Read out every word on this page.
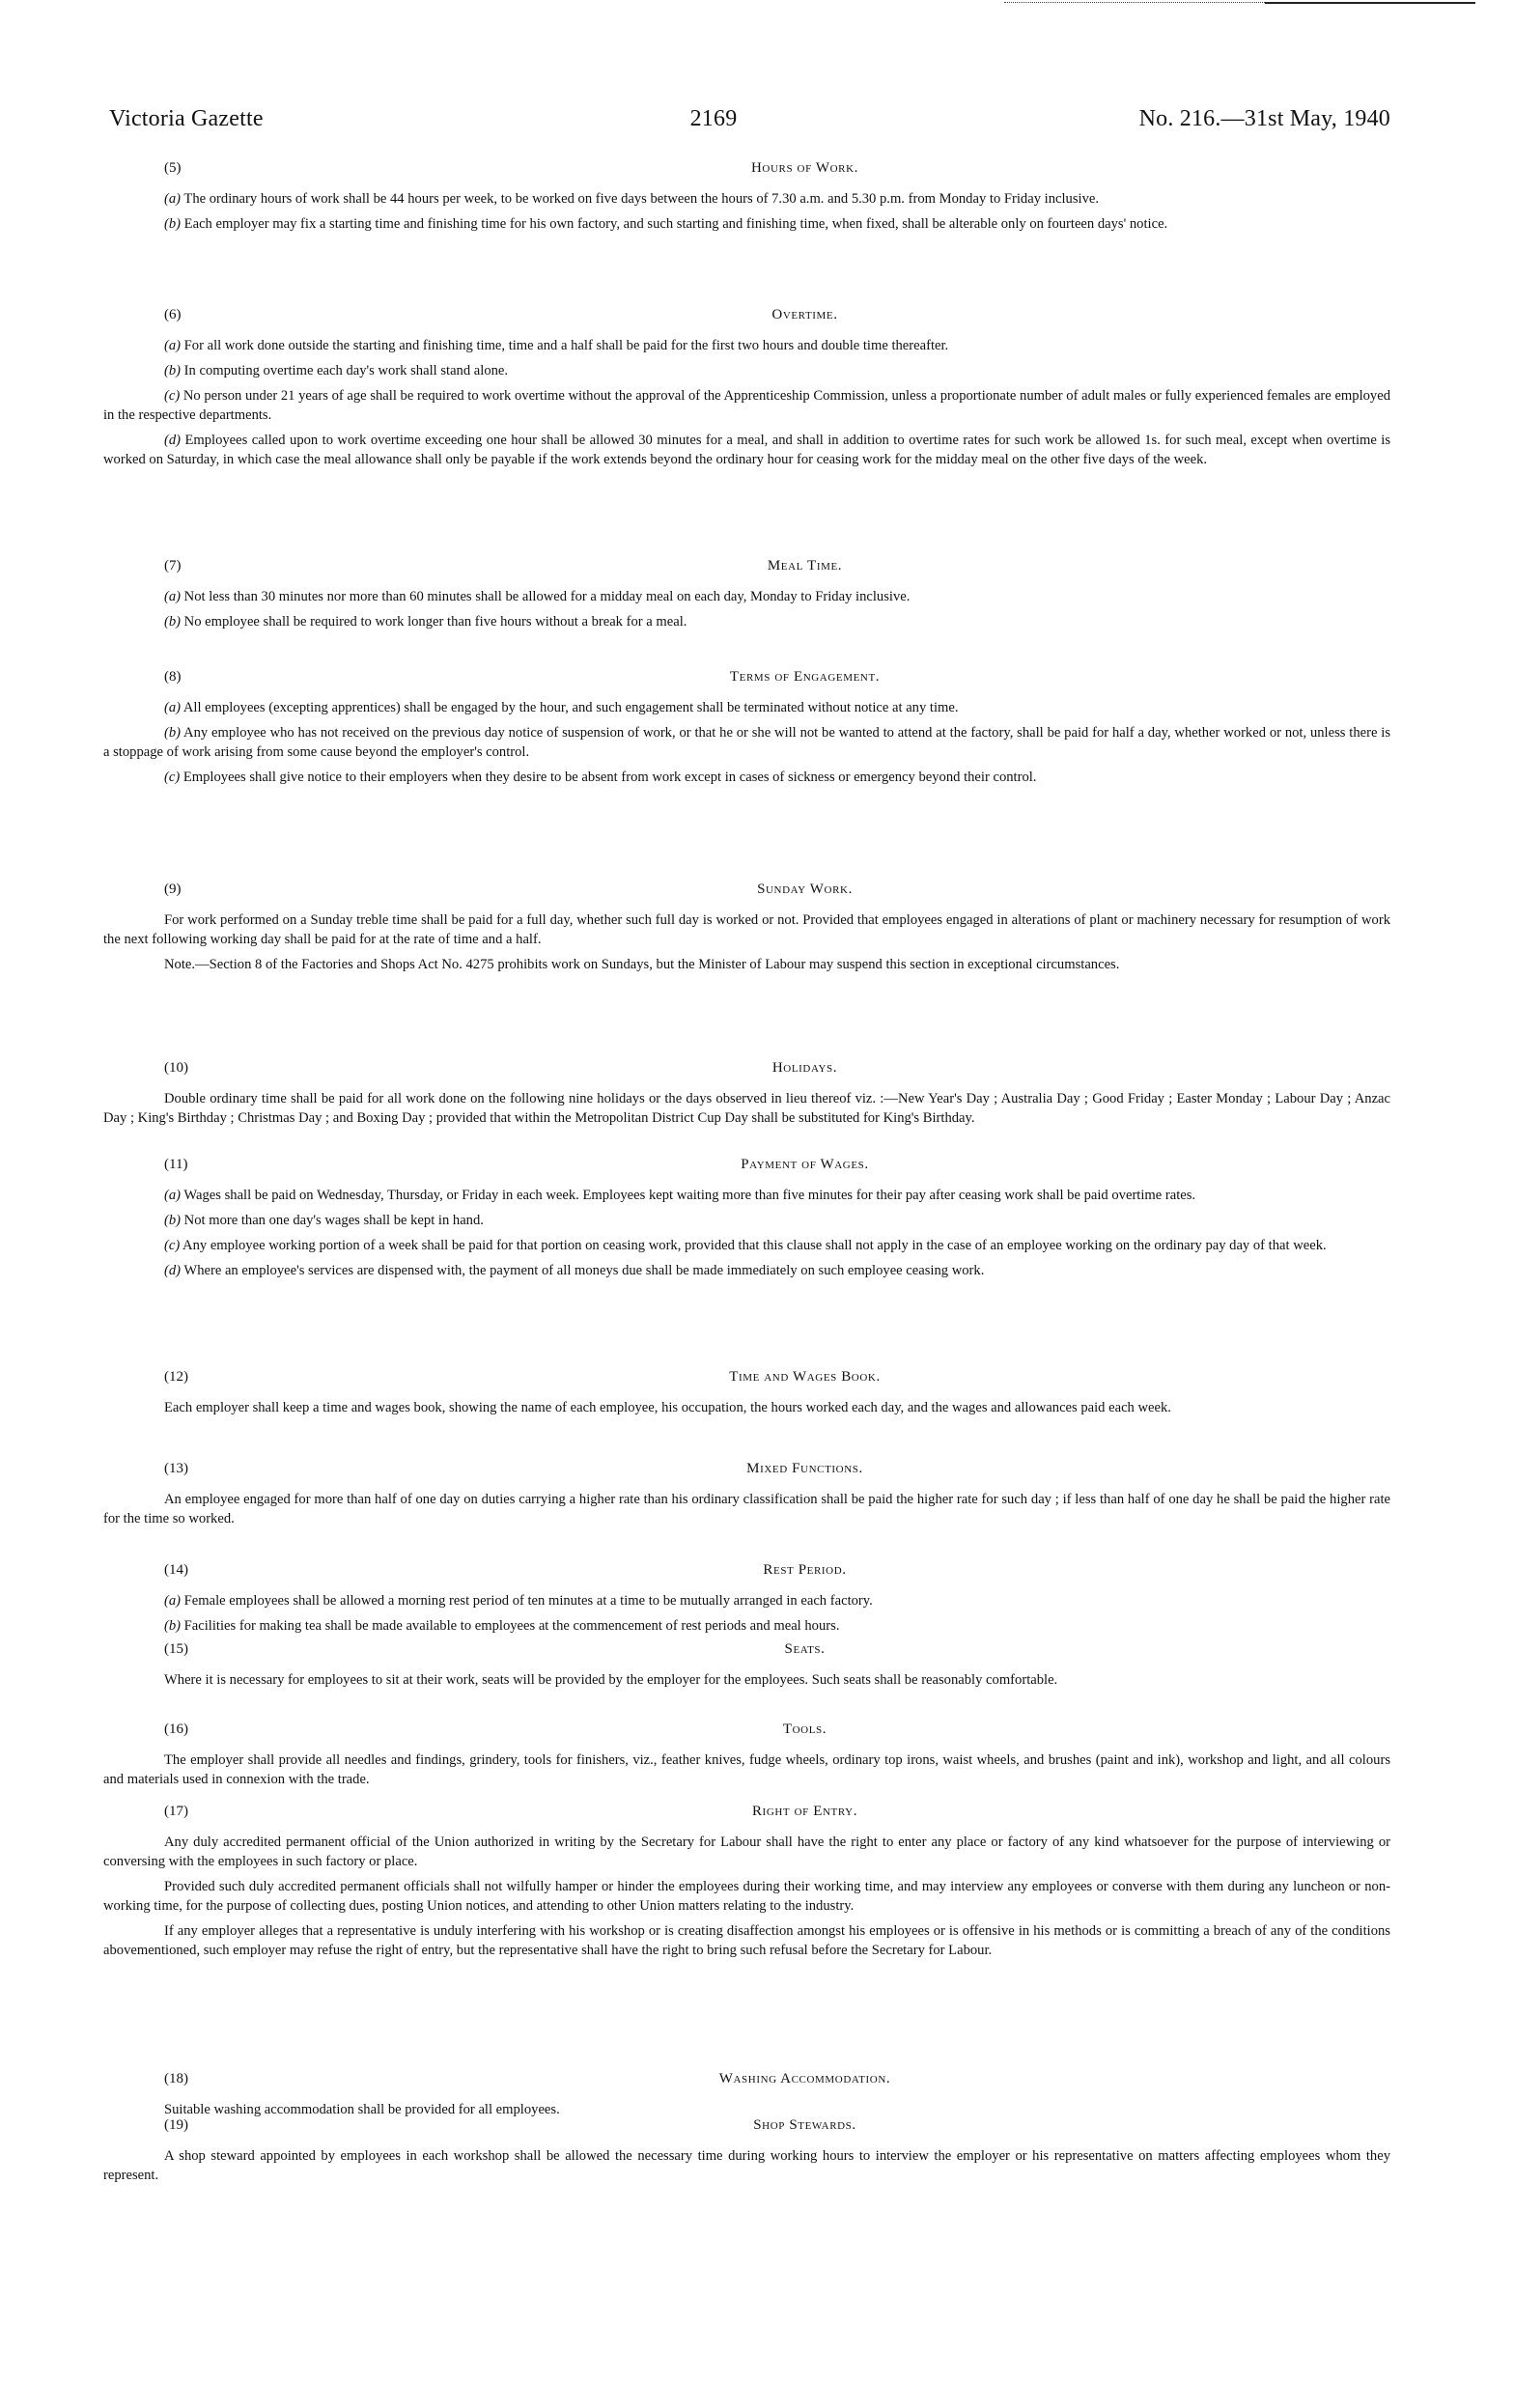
Victoria Gazette	2169	No. 216.—31st May, 1940
(5)	Hours of Work.

(a) The ordinary hours of work shall be 44 hours per week, to be worked on five days between the hours of 7.30 a.m. and 5.30 p.m. from Monday to Friday inclusive.

(b) Each employer may fix a starting time and finishing time for his own factory, and such starting and finishing time, when fixed, shall be alterable only on fourteen days' notice.

(6)	Overtime.

(a) For all work done outside the starting and finishing time, time and a half shall be paid for the first two hours and double time thereafter.

(b) In computing overtime each day's work shall stand alone.

(c) No person under 21 years of age shall be required to work overtime without the approval of the Apprenticeship Commission, unless a proportionate number of adult males or fully experienced females are employed in the respective departments.

(d) Employees called upon to work overtime exceeding one hour shall be allowed 30 minutes for a meal, and shall in addition to overtime rates for such work be allowed 1s. for such meal, except when overtime is worked on Saturday, in which case the meal allowance shall only be payable if the work extends beyond the ordinary hour for ceasing work for the midday meal on the other five days of the week.

(7)	Meal Time.

(a) Not less than 30 minutes nor more than 60 minutes shall be allowed for a midday meal on each day, Monday to Friday inclusive.

(b) No employee shall be required to work longer than five hours without a break for a meal.

(8)	Terms of Engagement.

(a) All employees (excepting apprentices) shall be engaged by the hour, and such engagement shall be terminated without notice at any time.

(b) Any employee who has not received on the previous day notice of suspension of work, or that he or she will not be wanted to attend at the factory, shall be paid for half a day, whether worked or not, unless there is a stoppage of work arising from some cause beyond the employer's control.

(c) Employees shall give notice to their employers when they desire to be absent from work except in cases of sickness or emergency beyond their control.

(9)	Sunday Work.

For work performed on a Sunday treble time shall be paid for a full day, whether such full day is worked or not. Provided that employees engaged in alterations of plant or machinery necessary for resumption of work the next following working day shall be paid for at the rate of time and a half.

Note.—Section 8 of the Factories and Shops Act No. 4275 prohibits work on Sundays, but the Minister of Labour may suspend this section in exceptional circumstances.

(10)	Holidays.

Double ordinary time shall be paid for all work done on the following nine holidays or the days observed in lieu thereof viz. :—New Year's Day ; Australia Day ; Good Friday ; Easter Monday ; Labour Day ; Anzac Day ; King's Birthday ; Christmas Day ; and Boxing Day ; provided that within the Metropolitan District Cup Day shall be substituted for King's Birthday.

(11)	Payment of Wages.

(a) Wages shall be paid on Wednesday, Thursday, or Friday in each week. Employees kept waiting more than five minutes for their pay after ceasing work shall be paid overtime rates.

(b) Not more than one day's wages shall be kept in hand.

(c) Any employee working portion of a week shall be paid for that portion on ceasing work, provided that this clause shall not apply in the case of an employee working on the ordinary pay day of that week.

(d) Where an employee's services are dispensed with, the payment of all moneys due shall be made immediately on such employee ceasing work.

(12)	Time and Wages Book.

Each employer shall keep a time and wages book, showing the name of each employee, his occupation, the hours worked each day, and the wages and allowances paid each week.

(13)	Mixed Functions.

An employee engaged for more than half of one day on duties carrying a higher rate than his ordinary classification shall be paid the higher rate for such day ; if less than half of one day he shall be paid the higher rate for the time so worked.

(14)	Rest Period.

(a) Female employees shall be allowed a morning rest period of ten minutes at a time to be mutually arranged in each factory.

(b) Facilities for making tea shall be made available to employees at the commencement of rest periods and meal hours.

(15)	Seats.

Where it is necessary for employees to sit at their work, seats will be provided by the employer for the employees. Such seats shall be reasonably comfortable.

(16)	Tools.

The employer shall provide all needles and findings, grindery, tools for finishers, viz., feather knives, fudge wheels, ordinary top irons, waist wheels, and brushes (paint and ink), workshop and light, and all colours and materials used in connexion with the trade.

(17)	Right of Entry.

Any duly accredited permanent official of the Union authorized in writing by the Secretary for Labour shall have the right to enter any place or factory of any kind whatsoever for the purpose of interviewing or conversing with the employees in such factory or place.

Provided such duly accredited permanent officials shall not wilfully hamper or hinder the employees during their working time, and may interview any employees or converse with them during any luncheon or non-working time, for the purpose of collecting dues, posting Union notices, and attending to other Union matters relating to the industry.

If any employer alleges that a representative is unduly interfering with his workshop or is creating disaffection amongst his employees or is offensive in his methods or is committing a breach of any of the conditions abovementioned, such employer may refuse the right of entry, but the representative shall have the right to bring such refusal before the Secretary for Labour.

(18)	Washing Accommodation.

Suitable washing accommodation shall be provided for all employees.

(19)	Shop Stewards.

A shop steward appointed by employees in each workshop shall be allowed the necessary time during working hours to interview the employer or his representative on matters affecting employees whom they represent.
